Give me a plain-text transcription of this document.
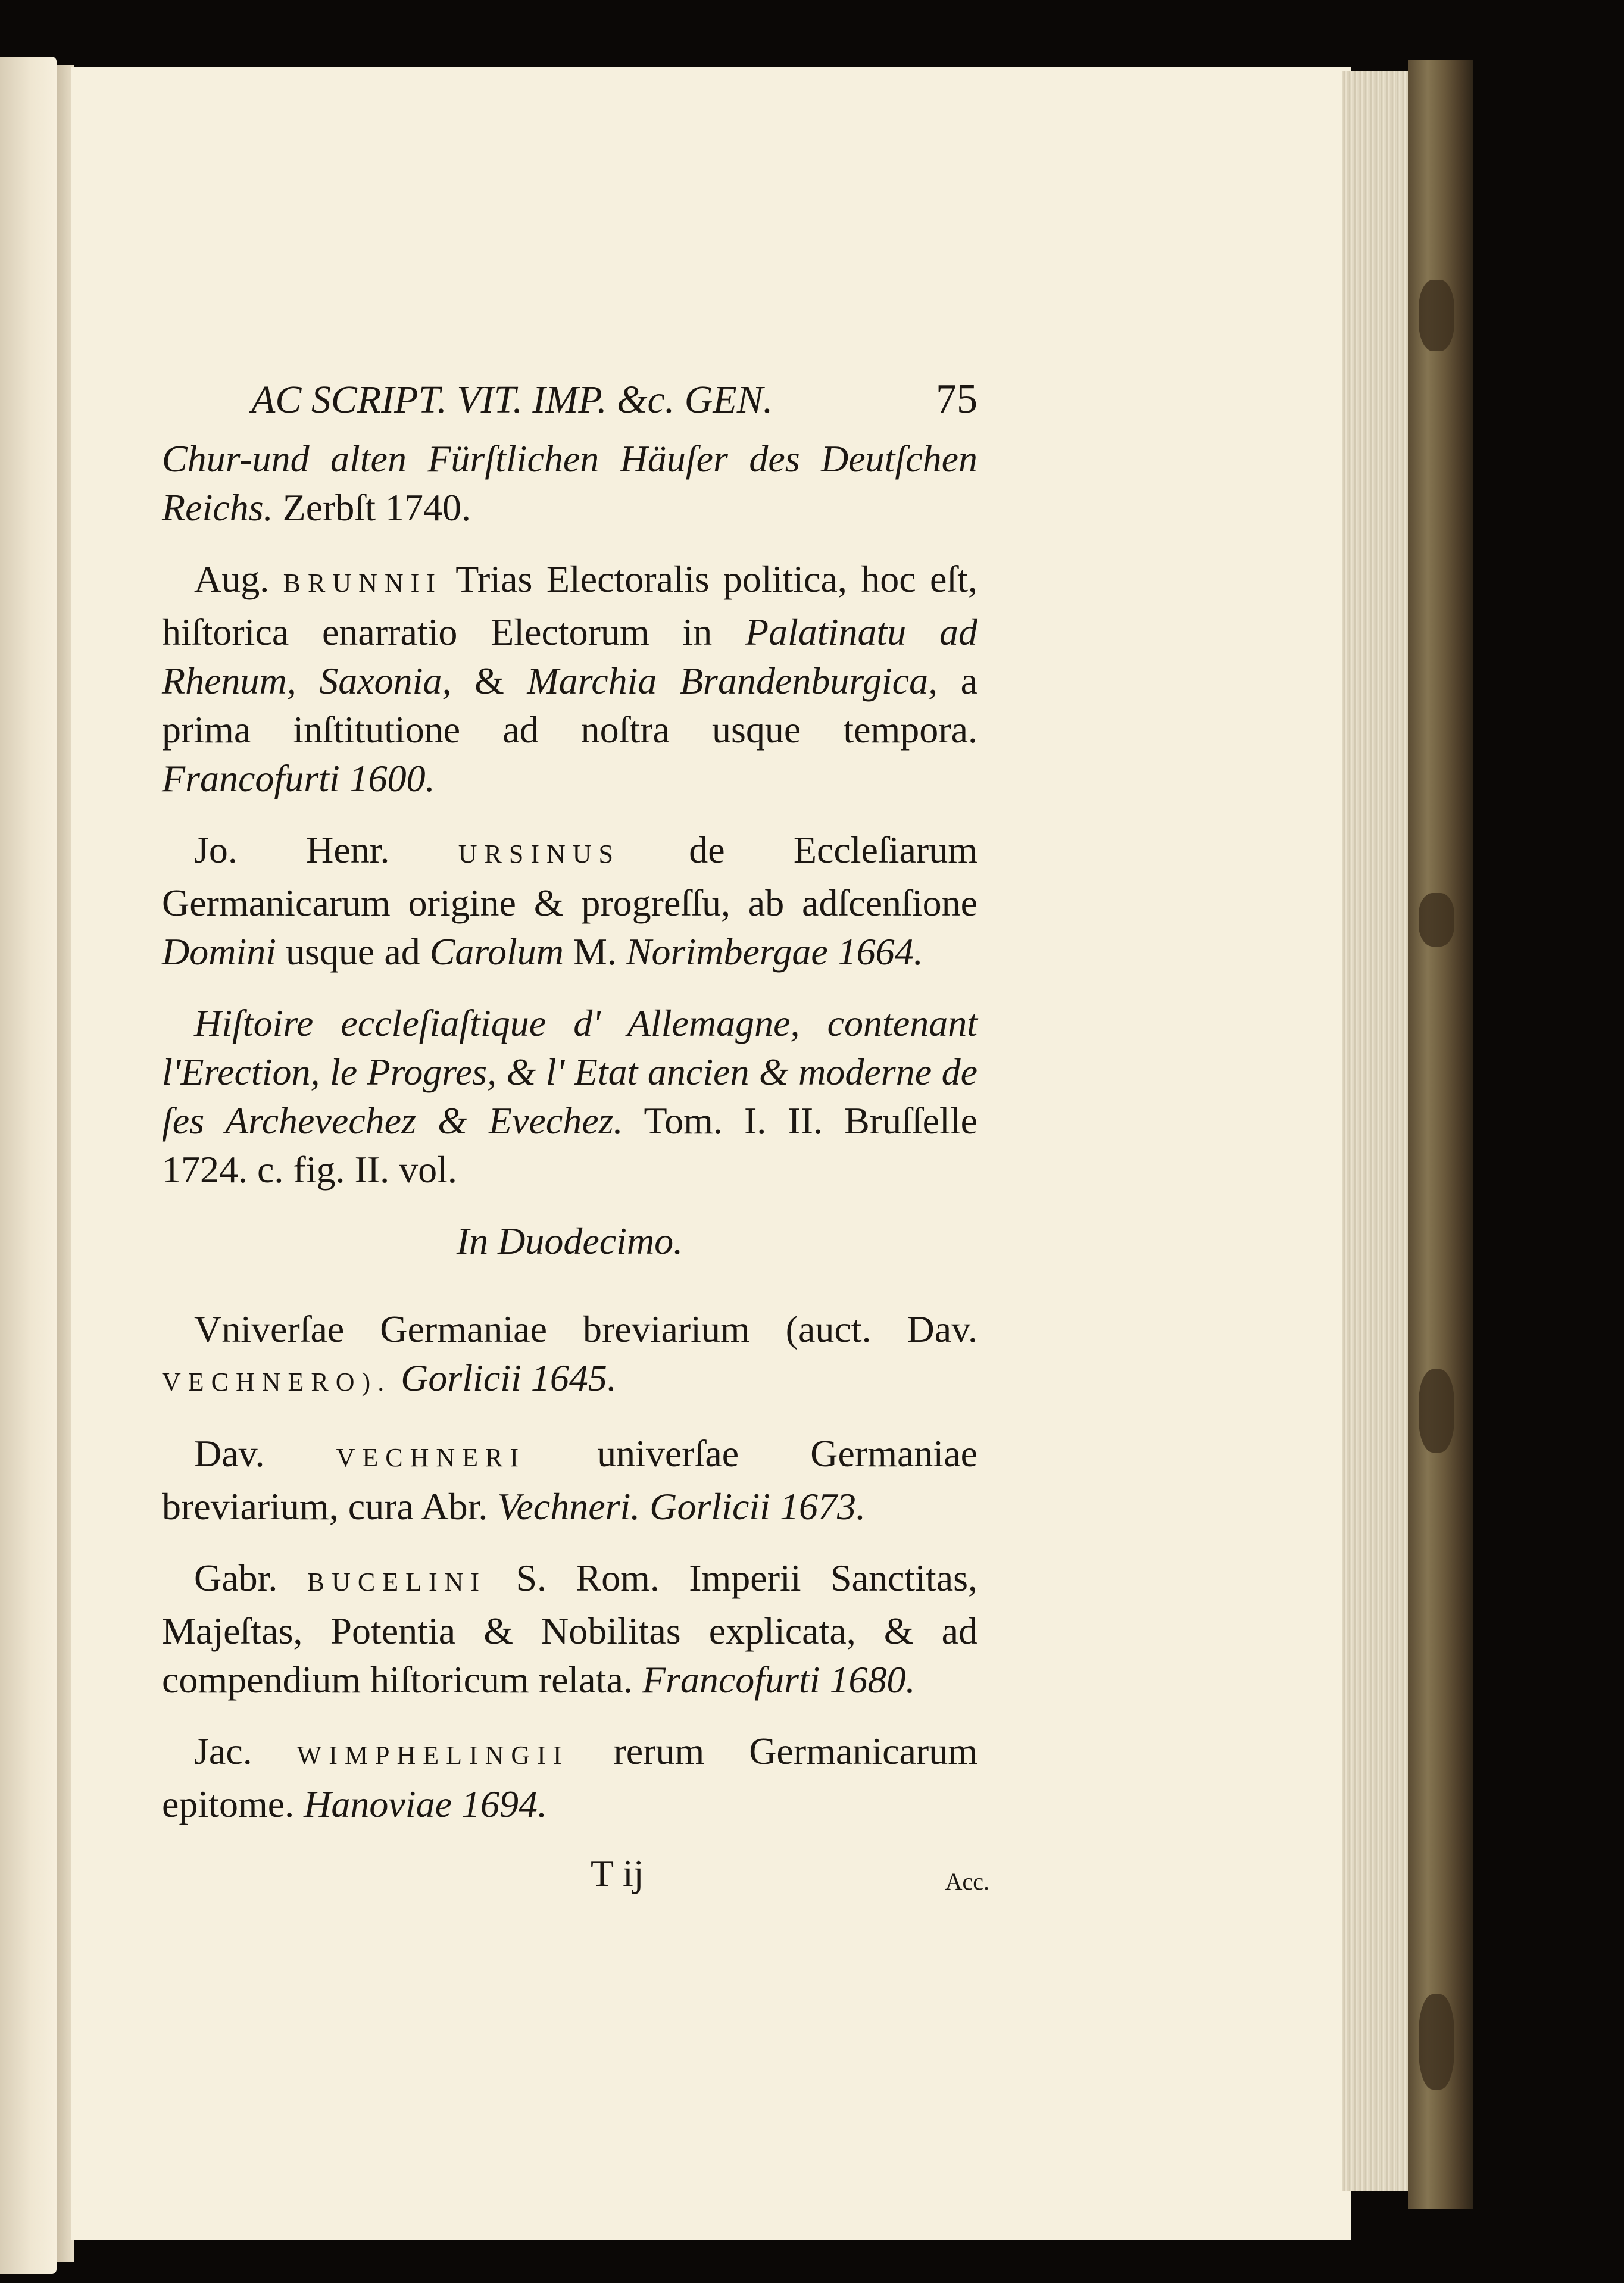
AC SCRIPT. VIT. IMP. &c. GEN.	75

Chur-und alten Fürſtlichen Häuſer des Deutſchen Reichs. Zerbſt 1740.

Aug. BRUNNII Trias Electoralis politica, hoc eſt, hiſtorica enarratio Electorum in Palatinatu ad Rhenum, Saxonia, & Marchia Brandenburgica, a prima inſtitutione ad noſtra usque tempora. Francofurti 1600.

Jo. Henr.	URSINUS de Eccleſiarum Germanicarum origine & progreſſu, ab adſcenſione Domini usque ad Carolum M. Norimbergae 1664.

Hiſtoire eccleſiaſtique d' Allemagne, contenant l'Erection, le Progres, & l' Etat ancien & moderne de ſes Archevechez & Evechez. Tom. I. II. Bruſſelle 1724. c. fig. II. vol.

In Duodecimo.

Vniverſae Germaniae breviarium (auct. Dav. VECHNERO). Gorlicii 1645.

Dav.	VECHNERI univerſae Germaniae breviarium, cura Abr. Vechneri. Gorlicii 1673.

Gabr. BUCELINI S. Rom. Imperii Sanctitas, Majeſtas, Potentia & Nobilitas explicata, & ad compendium hiſtoricum relata. Francofurti 1680.

Jac. WIMPHELINGII rerum Germanicarum epitome. Hanoviae 1694.

T ij	Acc.
